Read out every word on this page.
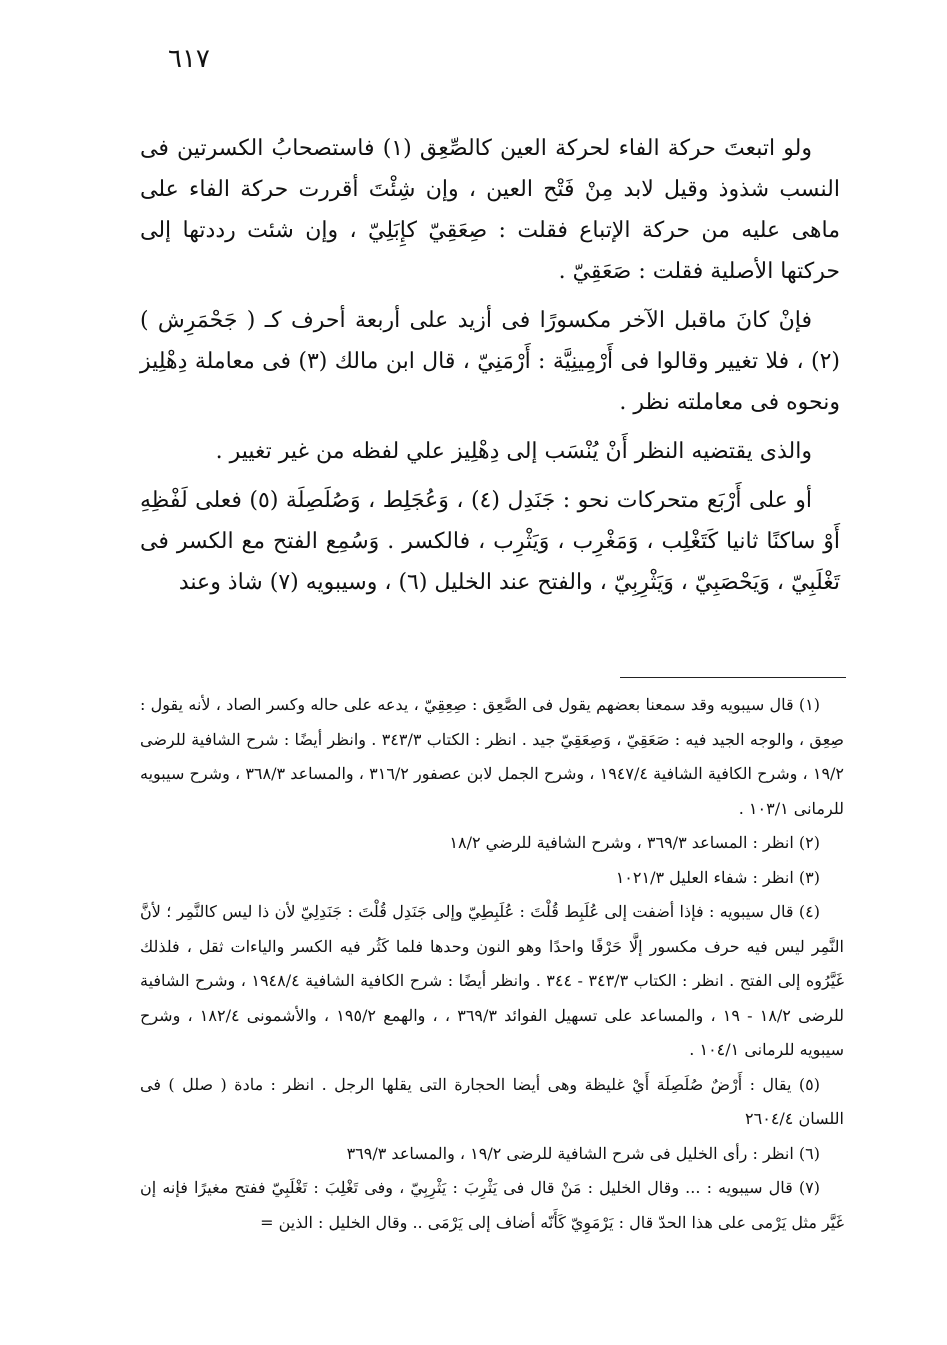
٦١٧

ولو اتبعتَ حركة الفاء لحركة العين كالصِّعِق (١) فاستصحابُ الكسرتين فى النسب شذوذ وقيل لابد مِنْ فَتْح العين ، وإن شِئْتَ أقررت حركة الفاء على ماهى عليه من حركة الإتباع فقلت : صِعَقِيّ كإِبَلِيّ ، وإن شئت رددتها إلى حركتها الأصلية فقلت : صَعَقِيّ .

فإنْ كانَ ماقبل الآخر مكسورًا فى أزيد على أربعة أحرف كـ ( جَحْمَرِش ) (٢) ، فلا تغيير وقالوا فى أَرْمِينِيَّة : أَرْمَنِيّ ، قال ابن مالك (٣) فى معاملة دِهْلِيز ونحوه فى معاملته نظر .

والذى يقتضيه النظر أَنْ يُنْسَب إلى دِهْلِيز علي لفظه من غير تغيير .

أو على أَرْبَع متحركات نحو : جَنَدِل (٤) ، وَعُجَلِط ، وَصُلَصِلَة (٥) فعلى لَفْظِهِ أَوْ ساكنًا ثانيا كَتَغْلِب ، وَمَغْرِب ، وَيَثْرِب ، فالكسر . وَسُمِع الفتح مع الكسر فى تَغْلَبِيّ ، وَيَحْصَبِيّ ، وَيَثْرِبِيّ ، والفتح عند الخليل (٦) ، وسيبويه (٧) شاذ وعند

(١) قال سيبويه وقد سمعنا بعضهم يقول فى الصَّعِق : صِعِقِيّ ، يدعه على حاله وكسر الصاد ، لأنه يقول : صِعِق ، والوجه الجيد فيه : صَعَقِيّ ، وَصِعَقِيّ جيد . انظر : الكتاب ٣٤٣/٣ . وانظر أيضًا : شرح الشافية للرضى ١٩/٢ ، وشرح الكافية الشافية ١٩٤٧/٤ ، وشرح الجمل لابن عصفور ٣١٦/٢ ، والمساعد ٣٦٨/٣ ، وشرح سيبويه للرمانى ١٠٣/١ .

(٢) انظر : المساعد ٣٦٩/٣ ، وشرح الشافية للرضي ١٨/٢

(٣) انظر : شفاء العليل ١٠٢١/٣

(٤) قال سيبويه : فإذا أضفت إلى عُلَبِط قُلْتَ : عُلَبِطِيّ وإلى جَنَدِل قُلْتَ : جَنَدِلِيّ لأن ذا ليس كالنَّمِر ؛ لأنَّ النَّمِر ليس فيه حرف مكسور إلَّا حَرْفًا واحدًا وهو النون وحدها فلما كَثُر فيه الكسر والياءات ثقل ، فلذلك غَيَّرُوه إلى الفتح . انظر : الكتاب ٣٤٣/٣ - ٣٤٤ . وانظر أيضًا : شرح الكافية الشافية ١٩٤٨/٤ ، وشرح الشافية للرضى ١٨/٢ - ١٩ ، والمساعد على تسهيل الفوائد ٣٦٩/٣ ، ، والهمع ١٩٥/٢ ، والأشمونى ١٨٢/٤ ، وشرح سيبويه للرمانى ١٠٤/١ .

(٥) يقال : أَرْضٌ صُلَصِلَة أَيْ غليظة وهى أيضا الحجارة التى يقلها الرجل . انظر : مادة ( صلل ) فى اللسان ٢٦٠٤/٤

(٦) انظر : رأى الخليل فى شرح الشافية للرضى ١٩/٢ ، والمساعد ٣٦٩/٣

(٧) قال سيبويه : ... وقال الخليل : مَنْ قال فى يَثْرِبَ : يَثْرِبِيّ ، وفى تَغْلِبَ : تَغْلَبِيّ ففتح مغيرًا فإنه إن غَيَّر مثل يَرْمى على هذا الحدّ قال : يَرْمَوِيّ كَأَنّه أضاف إلى يَرْمَى .. وقال الخليل : الذين =
